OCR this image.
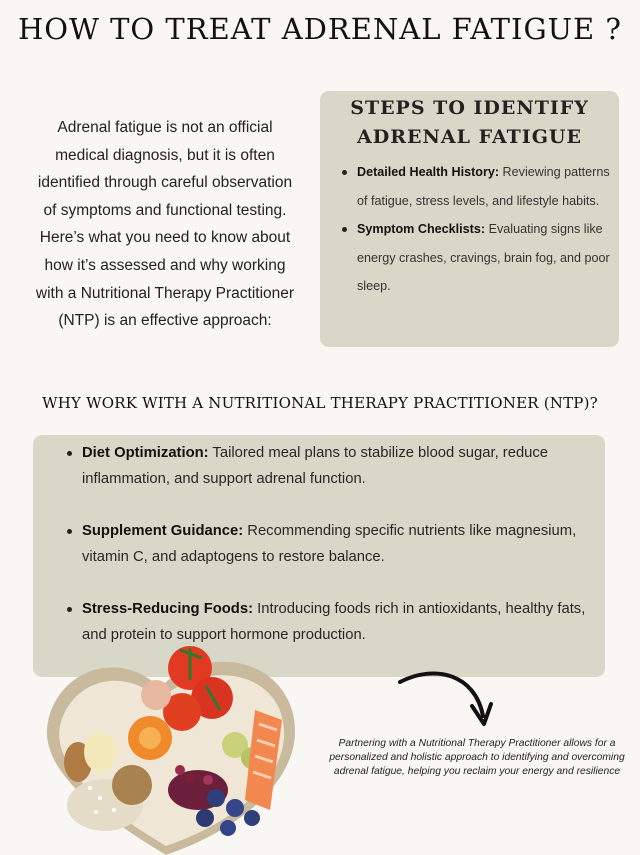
HOW TO TREAT ADRENAL FATIGUE ?

Adrenal fatigue is not an official medical diagnosis, but it is often identified through careful observation of symptoms and functional testing. Here’s what you need to know about how it’s assessed and why working with a Nutritional Therapy Practitioner (NTP) is an effective approach:

STEPS TO IDENTIFY
ADRENAL FATIGUE
Detailed Health History: Reviewing patterns of fatigue, stress levels, and lifestyle habits.
Symptom Checklists: Evaluating signs like energy crashes, cravings, brain fog, and poor sleep.
WHY WORK WITH A NUTRITIONAL THERAPY PRACTITIONER (NTP)?
Diet Optimization: Tailored meal plans to stabilize blood sugar, reduce inflammation, and support adrenal function.
Supplement Guidance: Recommending specific nutrients like magnesium, vitamin C, and adaptogens to restore balance.
Stress-Reducing Foods: Introducing foods rich in antioxidants, healthy fats, and protein to support hormone production.

Partnering with a Nutritional Therapy Practitioner allows for a personalized and holistic approach to identifying and overcoming adrenal fatigue, helping you reclaim your energy and resilience
